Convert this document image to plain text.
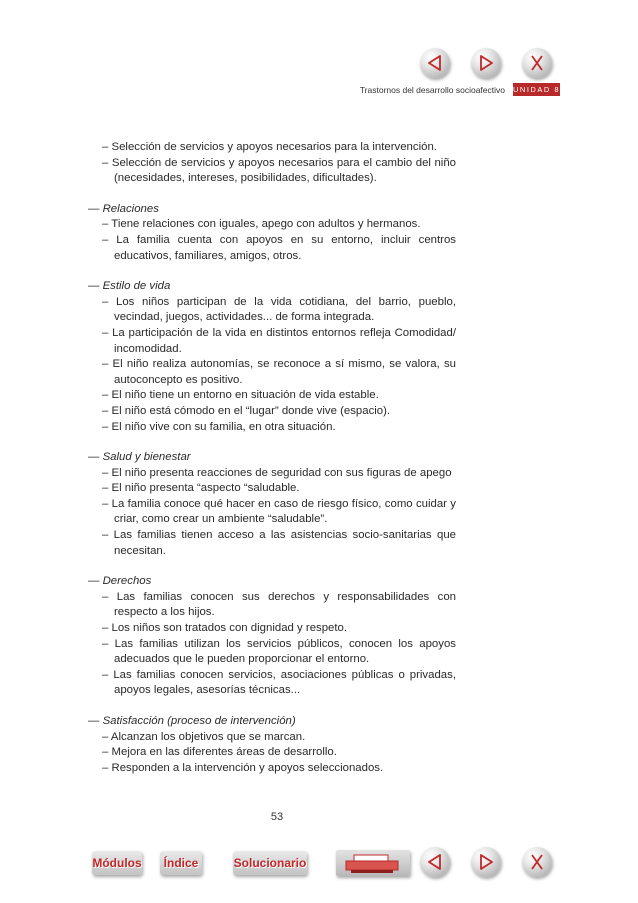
Trastornos del desarrollo socioafectivo UNIDAD 8
– Selección de servicios y apoyos necesarios para la intervención.
– Selección de servicios y apoyos necesarios para el cambio del niño (necesidades, intereses, posibilidades, dificultades).
— Relaciones
– Tiene relaciones con iguales, apego con adultos y hermanos.
– La familia cuenta con apoyos en su entorno, incluir centros educativos, familiares, amigos, otros.
— Estilo de vida
– Los niños participan de la vida cotidiana, del barrio, pueblo, vecindad, juegos, actividades... de forma integrada.
– La participación de la vida en distintos entornos refleja Comodidad/ incomodidad.
– El niño realiza autonomías, se reconoce a sí mismo, se valora, su autoconcepto es positivo.
– El niño tiene un entorno en situación de vida estable.
– El niño está cómodo en el “lugar” donde vive (espacio).
– El niño vive con su familia, en otra situación.
— Salud y bienestar
– El niño presenta reacciones de seguridad con sus figuras de apego
– El niño presenta “aspecto “saludable.
– La familia conoce qué hacer en caso de riesgo físico, como cuidar y criar, como crear un ambiente “saludable”.
– Las familias tienen acceso a las asistencias socio-sanitarias que necesitan.
— Derechos
– Las familias conocen sus derechos y responsabilidades con respecto a los hijos.
– Los niños son tratados con dignidad y respeto.
– Las familias utilizan los servicios públicos, conocen los apoyos adecuados que le pueden proporcionar el entorno.
– Las familias conocen servicios, asociaciones públicas o privadas, apoyos legales, asesorías técnicas...
— Satisfacción (proceso de intervención)
– Alcanzan los objetivos que se marcan.
– Mejora en las diferentes áreas de desarrollo.
– Responden a la intervención y apoyos seleccionados.
53
Módulos	Índice	Solucionario
